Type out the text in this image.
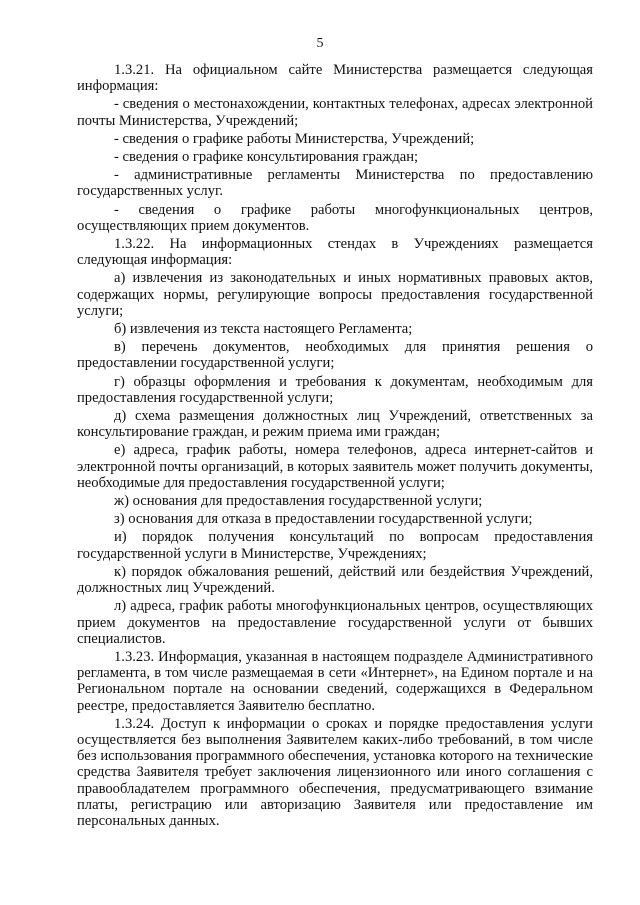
5

1.3.21. На официальном сайте Министерства размещается следующая информация:

- сведения о местонахождении, контактных телефонах, адресах электронной почты Министерства, Учреждений;

- сведения о графике работы Министерства, Учреждений;

- сведения о графике консультирования граждан;

- административные регламенты Министерства по предоставлению государственных услуг.

- сведения о графике работы многофункциональных центров, осуществляющих прием документов.

1.3.22. На информационных стендах в Учреждениях размещается следующая информация:

а) извлечения из законодательных и иных нормативных правовых актов, содержащих нормы, регулирующие вопросы предоставления государственной услуги;

б) извлечения из текста настоящего Регламента;

в) перечень документов, необходимых для принятия решения о предоставлении государственной услуги;

г) образцы оформления и требования к документам, необходимым для предоставления государственной услуги;

д) схема размещения должностных лиц Учреждений, ответственных за консультирование граждан, и режим приема ими граждан;

е) адреса, график работы, номера телефонов, адреса интернет-сайтов и электронной почты организаций, в которых заявитель может получить документы, необходимые для предоставления государственной услуги;

ж) основания для предоставления государственной услуги;

з) основания для отказа в предоставлении государственной услуги;

и) порядок получения консультаций по вопросам предоставления государственной услуги в Министерстве, Учреждениях;

к) порядок обжалования решений, действий или бездействия Учреждений, должностных лиц Учреждений.

л) адреса, график работы многофункциональных центров, осуществляющих прием документов на предоставление государственной услуги от бывших специалистов.

1.3.23. Информация, указанная в настоящем подразделе Административного регламента, в том числе размещаемая в сети «Интернет», на Едином портале и на Региональном портале на основании сведений, содержащихся в Федеральном реестре, предоставляется Заявителю бесплатно.

1.3.24. Доступ к информации о сроках и порядке предоставления услуги осуществляется без выполнения Заявителем каких-либо требований, в том числе без использования программного обеспечения, установка которого на технические средства Заявителя требует заключения лицензионного или иного соглашения с правообладателем программного обеспечения, предусматривающего взимание платы, регистрацию или авторизацию Заявителя или предоставление им персональных данных.
